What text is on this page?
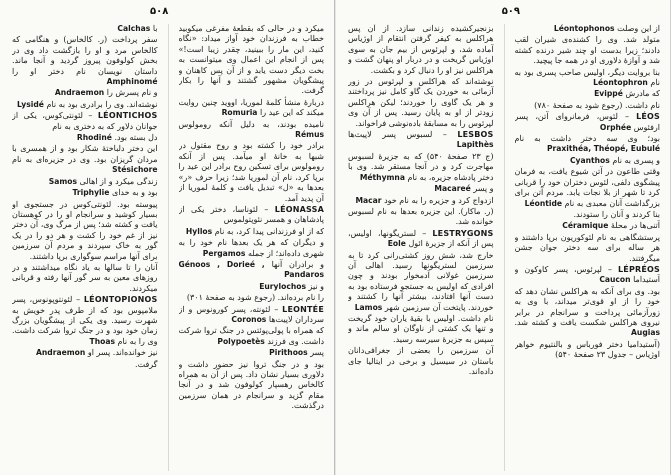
۵۰۸

میکرد و در حالی که بقطعهٔ مفرغی میکوبید خطاب به فرزندان خود آواز میداد: «نگاه کنید، این مار را ببینید، چقدر زیبا است!» پس از انجام این اعمال وی میتوانست به بخت دیگر دست یابد و از آن پس کاهنان و پیشگویان مشهور گشتند و آنها را بکار گرفت.

دربارهٔ منشأ کلمهٔ لموریا، اووید چنین روایت میکند که این عید را Romuria

نامیده بودند، به دلیل آنکه رومولوس Rémus

برادر خود را کشته بود و روح مقتول در شبها به خانهٔ او میآمد. پس از آنکه رومولوس برای تسکین روح برادر این عید را برپا کرد، نام آن لموریا شد؛ زیرا حرف «ر» بعدها به «ل» تبدیل یافت و کلمهٔ لموریا از آن پدید آمد.

LÉONASSA – لئوناسا، دختر یکی از پادشاهان و همسر نئوپتولموس

که از او فرزندانی پیدا کرد، به نام Hyllos

و دیگران که هر یک بعدها نام خود را به شهری داده‌اند؛ از جمله Pergamos

و برادران آنها Génoos , Dorieé , Pandaros

و نیز Eurylochos

را نام برده‌اند. (رجوع شود به صفحهٔ ۳۰۱)

LEONTÉE – لئونته، پسر کورونوس و از سرداران لاپیت‌ها Coronos

که همراه با پولی‌پوئتس در جنگ تروا شرکت داشت. وی فرزند Polypoetès

پسر Pirithoos

بود و در جنگ تروا نیز حضور داشت و دلاوری بسیار نشان داد. پس از آن به همراه کالخاس رهسپار کولوفون شد و در آنجا مقام گزید و سرانجام در همان سرزمین درگذشت.

با Calchas

سفر پرداخت (ر. کالخاس) و هنگامی که کالخاس مرد و او را بازگشت داد وی در بخش کولوفون پیروز گردید و آنجا ماند. داستان نویسان نام دختر او را Amphinomé

و نام پسرش را Andraemon

نوشته‌اند. وی را برادری بود به نام Lysidé

LÉONTICHOS – لئونتی‌کوس، یکی از جوانان دلاور که به دختری به نام

دل بسته بود. Rhodiné

این دختر دلباختهٔ شکار بود و از همسری با مردان گریزان بود. وی در جزیره‌ای به نام Stésichore

زندگی میکرد و از اهالی Samos

بود و به خدای Triphylie

پیوسته بود. لئونتی‌کوس در جستجوی او بسیار کوشید و سرانجام او را در کوهستان یافت و کشته شد؛ پس از مرگ وی، آن دختر نیز از غم خود را کشت و هر دو را در یک گور به خاک سپردند و مردم آن سرزمین برای آنها مراسم سوگواری برپا داشتند.

آنان را تا سالها به یاد نگاه میداشتند و در روزهای معین به سر گور آنها رفته و قربانی میکردند.

LÉONTOPIONOS – لئونتوپونوس، پسر ملامپوس بود که از طرف پدر خویش به شهرت رسید. وی یکی از پیشگویان بزرگ زمان خود بود و در جنگ تروا شرکت داشت. وی را به نام Thoas

نیز خوانده‌اند. پسر او Andraemon

گرفت.

۵۰۹

از این وصلت Léontophonos

متولد شد. وی را کشنده‌ی شیران لقب دادند؛ زیرا بدست او چند شیر درنده کشته شد و آوازهٔ دلاوری او در همه جا پیچید.

بنا بروایت دیگر، اولیس صاحب پسری بود به نام Léontophron

که مادرش Evippé

نام داشت. (رجوع شود به صفحهٔ ۷۸۰)

LÉOS – لئوس، فرمانروای آتن، پسر ارفئوس Orphée

بود؛ وی سه دختر داشت به نام Praxithéa, Théopé, Eubulé

و پسری به نام Cyanthos

وقتی طاعون در آتن شیوع یافت، به فرمان پیشگوی دلفی، لئوس دختران خود را قربانی کرد تا شهر از بلا نجات یابد. مردم آتن برای بزرگداشت آنان معبدی به نام Léontide

بنا کردند و آنان را ستودند.

آتنی‌ها در محلهٔ Céramique

پرستشگاهی به نام لئوکوریون برپا داشتند و هر ساله برای سه دختر جوان جشن میگرفتند.

LÉPRÉOS – لپرئوس، پسر کاوکون و آستیداما Caucon

بود. وی برای آنکه به هراکلس نشان دهد که خود را از او قوی‌تر میداند، با وی به زورآزمائی پرداخت و سرانجام در برابر نیروی هراکلس شکست یافت و کشته شد. Augias

(آستیدامیا دختر فورباس و بالنتیوم خواهر اوژیاس – جدول ۲۳ صفحهٔ ۵۴۰)

بزنجیرکشیده زندانی سازد. از آن پس هراکلس به کیفر گرفتن انتقام از اوژیاس آماده شد، و لپرئوس از بیم جان به سوی اوژیاس گریخت و در دربار او پنهان گشت و هراکلس نیز او را دنبال کرد و بکشت.

نوشته‌اند که هراکلس و لپرئوس در زور آزمائی به خوردن یک گاو کامل نیز پرداختند و هر یک گاوی را خوردند؛ لیکن هراکلس زودتر از او به پایان رسید. پس از آن وی لپرئوس را به مسابقهٔ باده‌نوشی فراخواند.

LESBOS – لسبوس پسر لاپیث‌ها Lapithès

(ج ۲۳ صفحهٔ ۵۴۰) که به جزیرهٔ لسبوس مهاجرت کرد و در آنجا مستقر شد. وی با دختر پادشاه جزیره، به نام Méthymna

و پسر Macareé

ازدواج کرد و جزیره را به نام خود Macar

(ر. ماکار). این جزیره بعدها به نام لسبوس خوانده شد.

LESTRYGONS – لستریگونها، اولیس، پس از آنکه از جزیرهٔ ائول Eole

خارج شد، شش روز کشتی‌رانی کرد تا به سرزمین لستریگونها رسید. اهالی آن سرزمین غولانی آدمخوار بودند و چون افرادی که اولیس به جستجو فرستاده بود به دست آنها افتادند، بیشتر آنها را کشتند و خوردند. پایتخت آن سرزمین شهر Lamos

نام داشت. اولیس با بقیهٔ یاران خود گریخت و تنها یک کشتی از ناوگان او سالم ماند و سپس به جزیرهٔ سیرسه رسید.

آن سرزمین را بعضی از جغرافی‌دانان باستان در سیسیل و برخی در ایتالیا جای داده‌اند.
